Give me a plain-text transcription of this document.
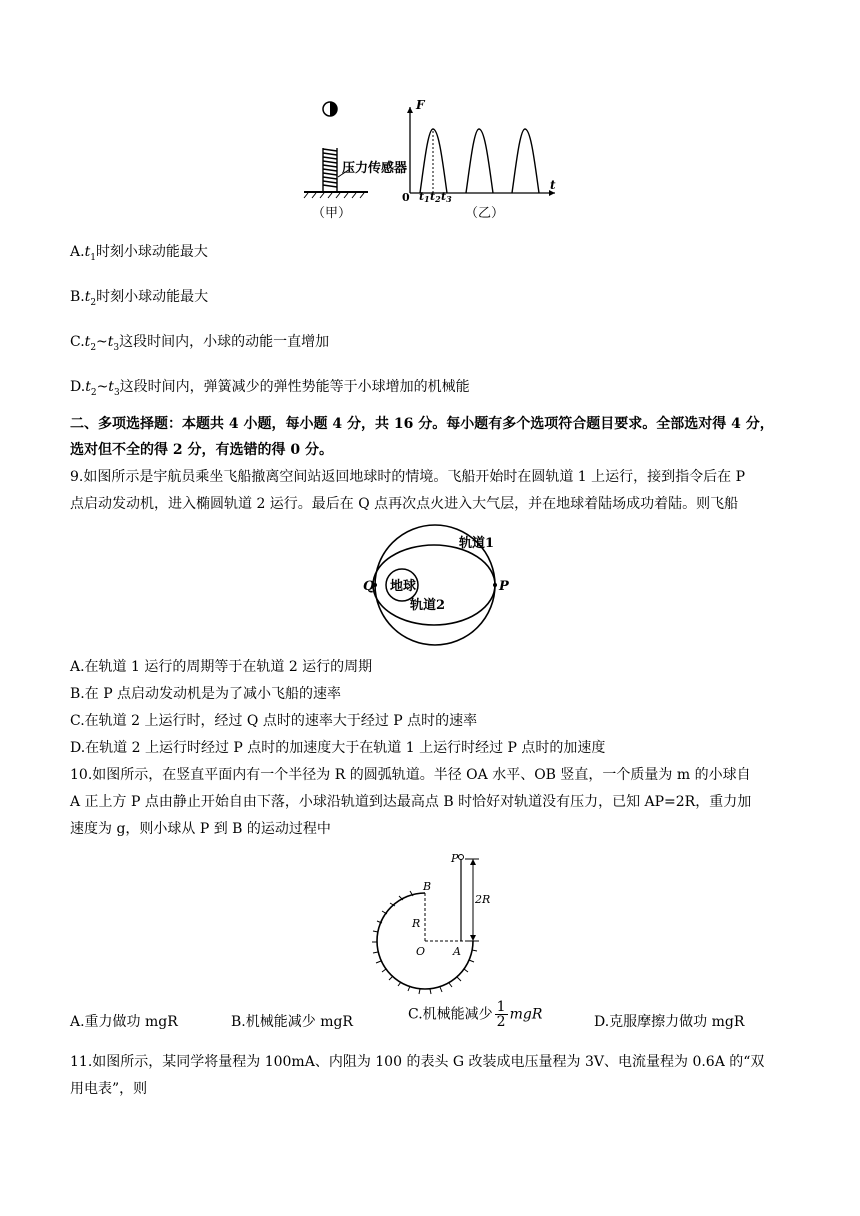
压力传感器
（甲）
F
t
0 t1 t2 t3
（乙）
$A.t_1$时刻小球动能最大
$B.t_2$时刻小球动能最大
$C.t_2\sim t_3$这段时间内，小球的动能一直增加
$D.t_2\sim t_3$这段时间内，弹簧减少的弹性势能等于小球增加的机械能
二、多项选择题：本题共 4 小题，每小题 4 分，共 16 分。每小题有多个选项符合题目要求。全部选对得 4 分，
选对但不全的得 2 分，有选错的得 0 分。
9.如图所示是宇航员乘坐飞船撤离空间站返回地球时的情境。飞船开始时在圆轨道 1 上运行，接到指令后在 P
点启动发动机，进入椭圆轨道 2 运行。最后在 Q 点再次点火进入大气层，并在地球着陆场成功着陆。则飞船
地球
Q	P
轨道1
轨道2
A.在轨道 1 运行的周期等于在轨道 2 运行的周期
B.在 P 点启动发动机是为了减小飞船的速率
C.在轨道 2 上运行时，经过 Q 点时的速率大于经过 P 点时的速率
D.在轨道 2 上运行时经过 P 点时的加速度大于在轨道 1 上运行时经过 P 点时的加速度
10.如图所示，在竖直平面内有一个半径为 R 的圆弧轨道。半径 OA 水平、OB 竖直，一个质量为 m 的小球自
A 正上方 P 点由静止开始自由下落，小球沿轨道到达最高点 B 时恰好对轨道没有压力，已知 AP=2R，重力加
速度为 g，则小球从 P 到 B 的运动过程中
P
2R
B
R
O	A
A.重力做功 mgR	B.机械能减少 mgR	C.机械能减少 $\frac{1}{2}$ mgR	D.克服摩擦力做功 mgR
11.如图所示，某同学将量程为 100mA、内阻为 100 的表头 G 改装成电压量程为 3V、电流量程为 0.6A 的“双
用电表”，则
